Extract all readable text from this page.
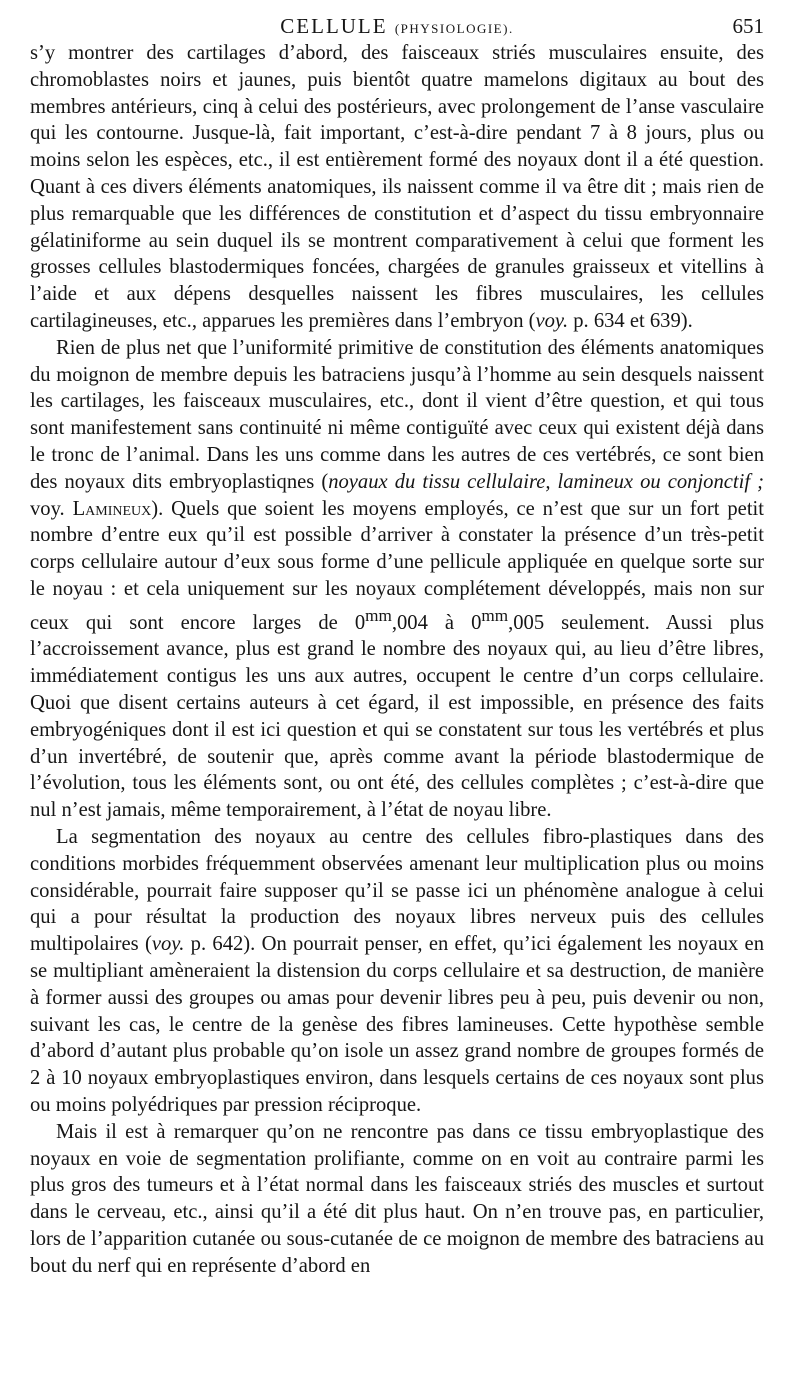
CELLULE (PHYSIOLOGIE).	651

s’y montrer des cartilages d’abord, des faisceaux striés musculaires ensuite, des chromoblastes noirs et jaunes, puis bientôt quatre mamelons digitaux au bout des membres antérieurs, cinq à celui des postérieurs, avec prolongement de l’anse vasculaire qui les contourne. Jusque-là, fait important, c’est-à-dire pendant 7 à 8 jours, plus ou moins selon les espèces, etc., il est entièrement formé des noyaux dont il a été question. Quant à ces divers éléments anatomiques, ils naissent comme il va être dit ; mais rien de plus remarquable que les différences de constitution et d’aspect du tissu embryonnaire gélatiniforme au sein duquel ils se montrent comparativement à celui que forment les grosses cellules blastodermiques foncées, chargées de granules graisseux et vitellins à l’aide et aux dépens desquelles naissent les fibres musculaires, les cellules cartilagineuses, etc., apparues les premières dans l’embryon (voy. p. 634 et 639).

Rien de plus net que l’uniformité primitive de constitution des éléments anatomiques du moignon de membre depuis les batraciens jusqu’à l’homme au sein desquels naissent les cartilages, les faisceaux musculaires, etc., dont il vient d’être question, et qui tous sont manifestement sans continuité ni même contiguïté avec ceux qui existent déjà dans le tronc de l’animal. Dans les uns comme dans les autres de ces vertébrés, ce sont bien des noyaux dits embryoplastiqnes (noyaux du tissu cellulaire, lamineux ou conjonctif ; voy. Lamineux). Quels que soient les moyens employés, ce n’est que sur un fort petit nombre d’entre eux qu’il est possible d’arriver à constater la présence d’un très-petit corps cellulaire autour d’eux sous forme d’une pellicule appliquée en quelque sorte sur le noyau : et cela uniquement sur les noyaux complétement développés, mais non sur ceux qui sont encore larges de $0^{mm},004$ à $0^{mm},005$ seulement. Aussi plus l’accroissement avance, plus est grand le nombre des noyaux qui, au lieu d’être libres, immédiatement contigus les uns aux autres, occupent le centre d’un corps cellulaire. Quoi que disent certains auteurs à cet égard, il est impossible, en présence des faits embryogéniques dont il est ici question et qui se constatent sur tous les vertébrés et plus d’un invertébré, de soutenir que, après comme avant la période blastodermique de l’évolution, tous les éléments sont, ou ont été, des cellules complètes ; c’est-à-dire que nul n’est jamais, même temporairement, à l’état de noyau libre.

La segmentation des noyaux au centre des cellules fibro-plastiques dans des conditions morbides fréquemment observées amenant leur multiplication plus ou moins considérable, pourrait faire supposer qu’il se passe ici un phénomène analogue à celui qui a pour résultat la production des noyaux libres nerveux puis des cellules multipolaires (voy. p. 642). On pourrait penser, en effet, qu’ici également les noyaux en se multipliant amèneraient la distension du corps cellulaire et sa destruction, de manière à former aussi des groupes ou amas pour devenir libres peu à peu, puis devenir ou non, suivant les cas, le centre de la genèse des fibres lamineuses. Cette hypothèse semble d’abord d’autant plus probable qu’on isole un assez grand nombre de groupes formés de 2 à 10 noyaux embryoplastiques environ, dans lesquels certains de ces noyaux sont plus ou moins polyédriques par pression réciproque.

Mais il est à remarquer qu’on ne rencontre pas dans ce tissu embryoplastique des noyaux en voie de segmentation prolifiante, comme on en voit au contraire parmi les plus gros des tumeurs et à l’état normal dans les faisceaux striés des muscles et surtout dans le cerveau, etc., ainsi qu’il a été dit plus haut. On n’en trouve pas, en particulier, lors de l’apparition cutanée ou sous-cutanée de ce moignon de membre des batraciens au bout du nerf qui en représente d’abord en
